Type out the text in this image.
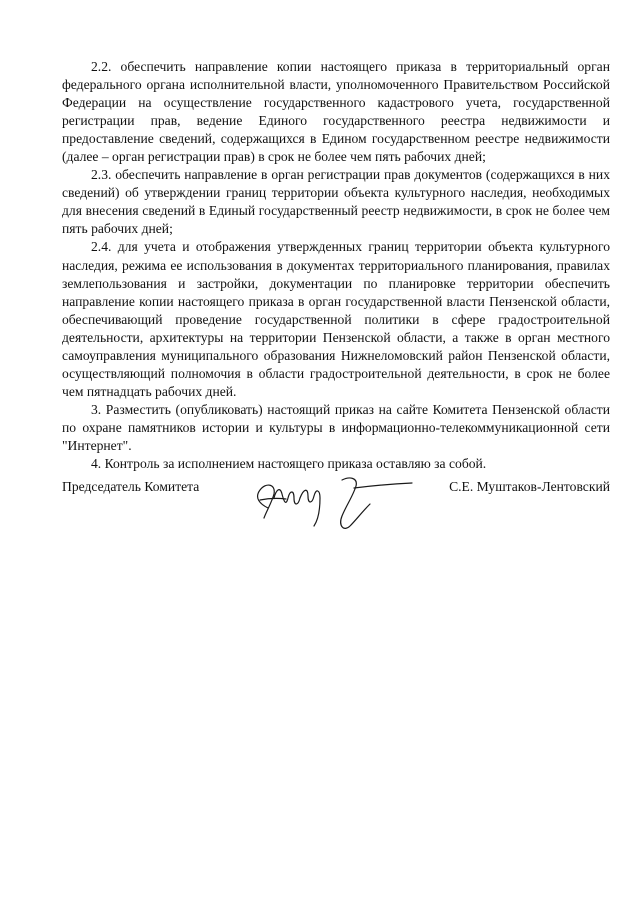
2.2. обеспечить направление копии настоящего приказа в территориальный орган федерального органа исполнительной власти, уполномоченного Правительством Российской Федерации на осуществление государственного кадастрового учета, государственной регистрации прав, ведение Единого государственного реестра недвижимости и предоставление сведений, содержащихся в Едином государственном реестре недвижимости (далее – орган регистрации прав) в срок не более чем пять рабочих дней;

2.3. обеспечить направление в орган регистрации прав документов (содержащихся в них сведений) об утверждении границ территории объекта культурного наследия, необходимых для внесения сведений в Единый государственный реестр недвижимости, в срок не более чем пять рабочих дней;

2.4. для учета и отображения утвержденных границ территории объекта культурного наследия, режима ее использования в документах территориального планирования, правилах землепользования и застройки, документации по планировке территории обеспечить направление копии настоящего приказа в орган государственной власти Пензенской области, обеспечивающий проведение государственной политики в сфере градостроительной деятельности, архитектуры на территории Пензенской области, а также в орган местного самоуправления муниципального образования Нижнеломовский район Пензенской области, осуществляющий полномочия в области градостроительной деятельности, в срок не более чем пятнадцать рабочих дней.

3. Разместить (опубликовать) настоящий приказ на сайте Комитета Пензенской области по охране памятников истории и культуры в информационно-телекоммуникационной сети "Интернет".

4. Контроль за исполнением настоящего приказа оставляю за собой.

Председатель Комитета	С.Е. Муштаков-Лентовский
